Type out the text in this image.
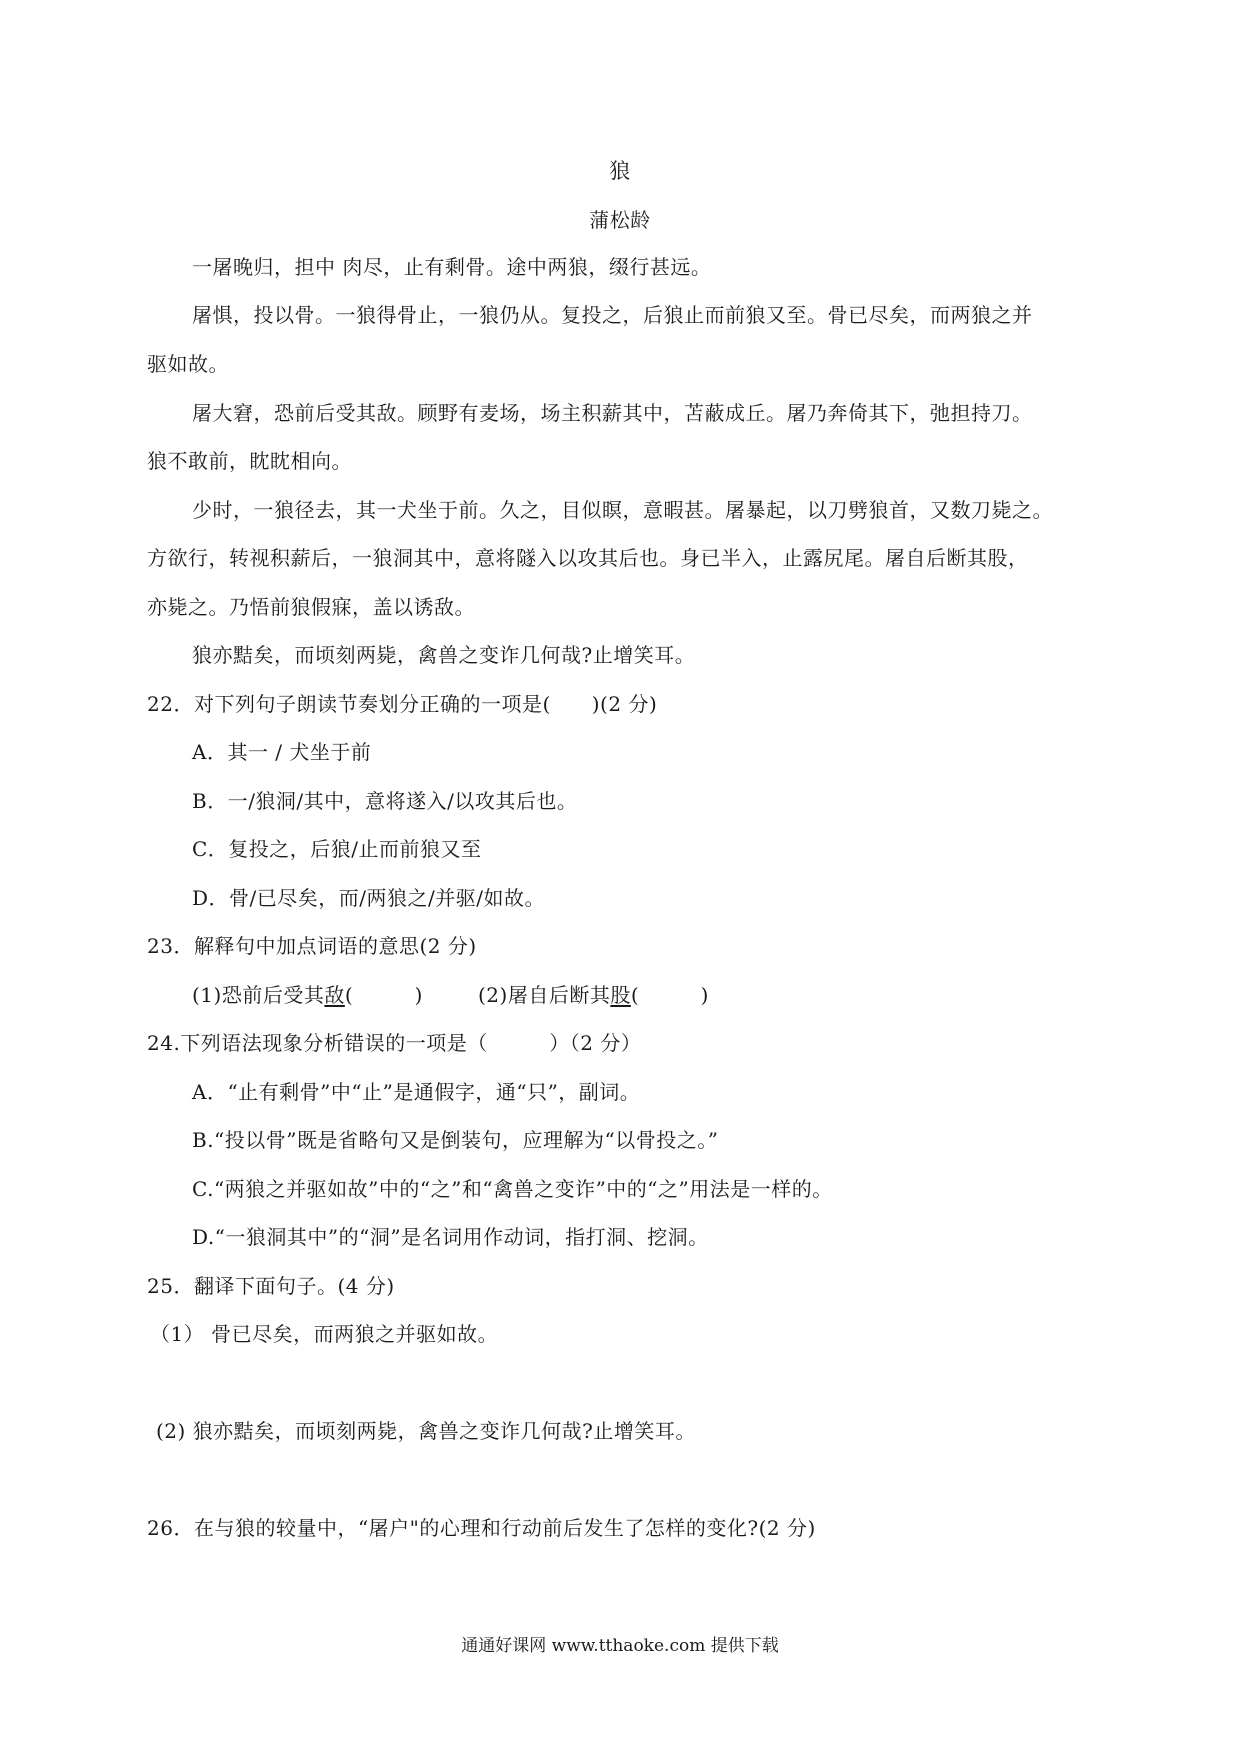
狼
蒲松龄
一屠晚归，担中 肉尽，止有剩骨。途中两狼，缀行甚远。
屠惧，投以骨。一狼得骨止，一狼仍从。复投之，后狼止而前狼又至。骨已尽矣，而两狼之并
驱如故。
屠大窘，恐前后受其敌。顾野有麦场，场主积薪其中，苫蔽成丘。屠乃奔倚其下，弛担持刀。
狼不敢前，眈眈相向。
少时，一狼径去，其一犬坐于前。久之，目似瞑，意暇甚。屠暴起，以刀劈狼首，又数刀毙之。
方欲行，转视积薪后，一狼洞其中，意将隧入以攻其后也。身已半入，止露尻尾。屠自后断其股，
亦毙之。乃悟前狼假寐，盖以诱敌。
狼亦黠矣，而顷刻两毙，禽兽之变诈几何哉?止增笑耳。
22．对下列句子朗读节奏划分正确的一项是(　　)(2 分)
A．其一 / 犬坐于前
B．一/狼洞/其中，意将遂入/以攻其后也。
C．复投之，后狼/止而前狼又至
D．骨/已尽矣，而/两狼之/并驱/如故。
23．解释句中加点词语的意思(2 分)
(1)恐前后受其敌(　　　)	(2)屠自后断其股(　　　)
24.下列语法现象分析错误的一项是（　　　）（2 分）
A．“止有剩骨”中“止”是通假字，通“只”，副词。
B.“投以骨”既是省略句又是倒装句，应理解为“以骨投之。”
C.“两狼之并驱如故”中的“之”和“禽兽之变诈”中的“之”用法是一样的。
D.“一狼洞其中”的“洞”是名词用作动词，指打洞、挖洞。
25．翻译下面句子。(4 分)
（1） 骨已尽矣，而两狼之并驱如故。
(2) 狼亦黠矣，而顷刻两毙，禽兽之变诈几何哉?止增笑耳。
26．在与狼的较量中，“屠户"的心理和行动前后发生了怎样的变化?(2 分)
通通好课网 www.tthaoke.com 提供下载
